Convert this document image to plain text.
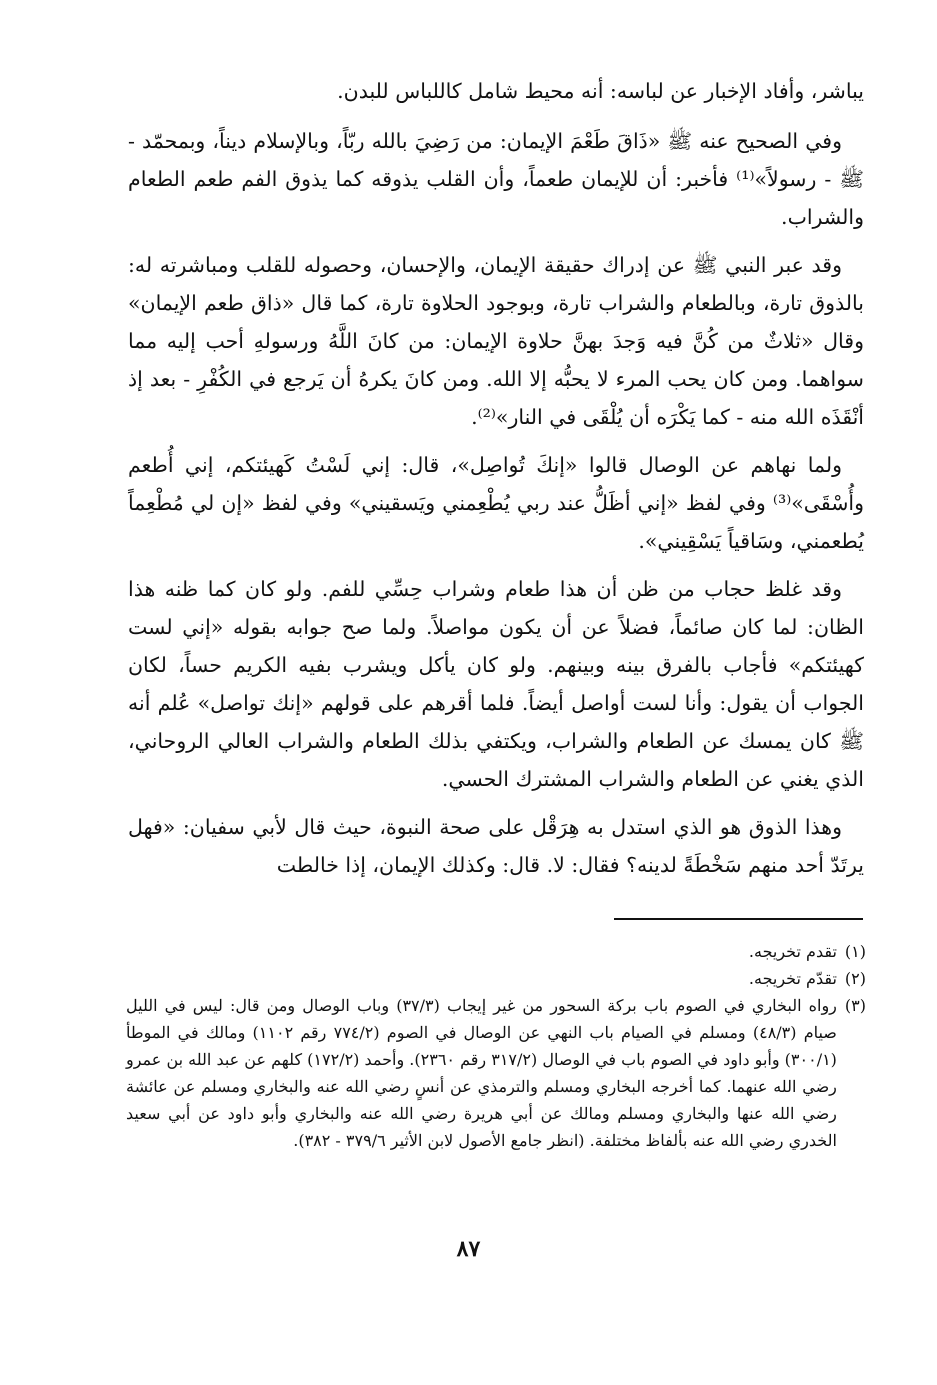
يباشر، وأفاد الإخبار عن لباسه: أنه محيط شامل كاللباس للبدن.

وفي الصحيح عنه ﷺ «ذَاقَ طَعْمَ الإيمان: من رَضِيَ بالله ربّاً، وبالإسلام ديناً، وبمحمّد - ﷺ - رسولاً»⁽¹⁾ فأخبر: أن للإيمان طعماً، وأن القلب يذوقه كما يذوق الفم طعم الطعام والشراب.

وقد عبر النبي ﷺ عن إدراك حقيقة الإيمان، والإحسان، وحصوله للقلب ومباشرته له: بالذوق تارة، وبالطعام والشراب تارة، وبوجود الحلاوة تارة، كما قال «ذاق طعم الإيمان» وقال «ثلاثٌ من كُنَّ فيه وَجدَ بهنَّ حلاوة الإيمان: من كانَ اللَّهُ ورسولهِ أحب إليه مما سواهما. ومن كان يحب المرء لا يحبُّه إلا الله. ومن كانَ يكرهُ أن يَرجع في الكُفْرِ - بعد إذ أنْقَذَه الله منه - كما يَكْرَه أن يُلْقَى في النار»⁽²⁾.

ولما نهاهم عن الوصال قالوا «إنكَ تُواصِل»، قال: إني لَسْتُ كَهيئتكم، إني أُطعم وأُسْقَى»⁽³⁾ وفي لفظ «إني أظَلُّ عند ربي يُطْعِمني ويَسقيني» وفي لفظ «إن لي مُطْعِماً يُطعمني، وسَاقياً يَسْقِيني».

وقد غلظ حجاب من ظن أن هذا طعام وشراب حِسِّي للفم. ولو كان كما ظنه هذا الظان: لما كان صائماً، فضلاً عن أن يكون مواصلاً. ولما صح جوابه بقوله «إني لست كهيئتكم» فأجاب بالفرق بينه وبينهم. ولو كان يأكل ويشرب بفيه الكريم حساً، لكان الجواب أن يقول: وأنا لست أواصل أيضاً. فلما أقرهم على قولهم «إنك تواصل» عُلم أنه ﷺ كان يمسك عن الطعام والشراب، ويكتفي بذلك الطعام والشراب العالي الروحاني، الذي يغني عن الطعام والشراب المشترك الحسي.

وهذا الذوق هو الذي استدل به هِرَقْل على صحة النبوة، حيث قال لأبي سفيان: «فهل يرتَدّ أحد منهم سَخْطَةً لدينه؟ فقال: لا. قال: وكذلك الإيمان، إذا خالطت

(١)
تقدم تخريجه.
(٢)
تقدّم تخريجه.
(٣)
رواه البخاري في الصوم باب بركة السحور من غير إيجاب (٣٧/٣) وباب الوصال ومن قال: ليس في الليل صيام (٤٨/٣) ومسلم في الصيام باب النهي عن الوصال في الصوم (٧٧٤/٢ رقم ١١٠٢) ومالك في الموطأ (٣٠٠/١) وأبو داود في الصوم باب في الوصال (٣١٧/٢ رقم ٢٣٦٠). وأحمد (١٧٢/٢) كلهم عن عبد الله بن عمرو رضي الله عنهما. كما أخرجه البخاري ومسلم والترمذي عن أنسٍ رضي الله عنه والبخاري ومسلم عن عائشة رضي الله عنها والبخاري ومسلم ومالك عن أبي هريرة رضي الله عنه والبخاري وأبو داود عن أبي سعيد الخدري رضي الله عنه بألفاظ مختلفة. (انظر جامع الأصول لابن الأثير ٣٧٩/٦ - ٣٨٢).
٨٧
